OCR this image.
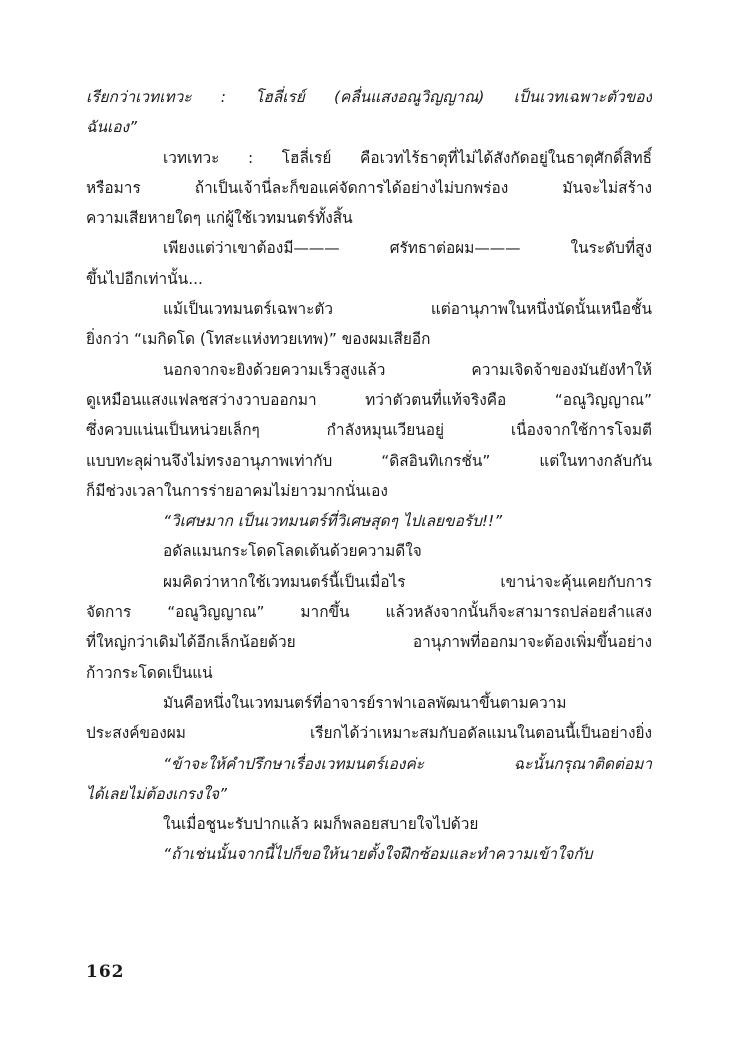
เรียกว่าเวทเทวะ : โฮลี่เรย์ (คลื่นแสงอณูวิญญาณ) เป็นเวทเฉพาะตัวของ
ฉันเอง”
เวทเทวะ : โฮลี่เรย์ คือเวทไร้ธาตุที่ไม่ได้สังกัดอยู่ในธาตุศักดิ์สิทธิ์
หรือมาร ถ้าเป็นเจ้านี่ละก็ขอแค่จัดการได้อย่างไม่บกพร่อง มันจะไม่สร้าง
ความเสียหายใดๆ แก่ผู้ใช้เวทมนตร์ทั้งสิ้น
เพียงแต่ว่าเขาต้องมี——— ศรัทธาต่อผม——— ในระดับที่สูง
ขึ้นไปอีกเท่านั้น...
แม้เป็นเวทมนตร์เฉพาะตัว แต่อานุภาพในหนึ่งนัดนั้นเหนือชั้น
ยิ่งกว่า “เมกิดโด (โทสะแห่งทวยเทพ)” ของผมเสียอีก
นอกจากจะยิงด้วยความเร็วสูงแล้ว ความเจิดจ้าของมันยังทำให้
ดูเหมือนแสงแฟลชสว่างวาบออกมา ทว่าตัวตนที่แท้จริงคือ “อณูวิญญาณ”
ซึ่งควบแน่นเป็นหน่วยเล็กๆ กำลังหมุนเวียนอยู่ เนื่องจากใช้การโจมตี
แบบทะลุผ่านจึงไม่ทรงอานุภาพเท่ากับ “ดิสอินทิเกรชั่น” แต่ในทางกลับกัน
ก็มีช่วงเวลาในการร่ายอาคมไม่ยาวมากนั่นเอง
“วิเศษมาก เป็นเวทมนตร์ที่วิเศษสุดๆ ไปเลยขอรับ!!”
อดัลแมนกระโดดโลดเต้นด้วยความดีใจ
ผมคิดว่าหากใช้เวทมนตร์นี้เป็นเมื่อไร เขาน่าจะคุ้นเคยกับการ
จัดการ “อณูวิญญาณ” มากขึ้น แล้วหลังจากนั้นก็จะสามารถปล่อยลำแสง
ที่ใหญ่กว่าเดิมได้อีกเล็กน้อยด้วย อานุภาพที่ออกมาจะต้องเพิ่มขึ้นอย่าง
ก้าวกระโดดเป็นแน่
มันคือหนึ่งในเวทมนตร์ที่อาจารย์ราฟาเอลพัฒนาขึ้นตามความ
ประสงค์ของผม เรียกได้ว่าเหมาะสมกับอดัลแมนในตอนนี้เป็นอย่างยิ่ง
“ข้าจะให้คำปรึกษาเรื่องเวทมนตร์เองค่ะ ฉะนั้นกรุณาติดต่อมา
ได้เลยไม่ต้องเกรงใจ”
ในเมื่อชูนะรับปากแล้ว ผมก็พลอยสบายใจไปด้วย
“ถ้าเช่นนั้นจากนี้ไปก็ขอให้นายตั้งใจฝึกซ้อมและทำความเข้าใจกับ
162
